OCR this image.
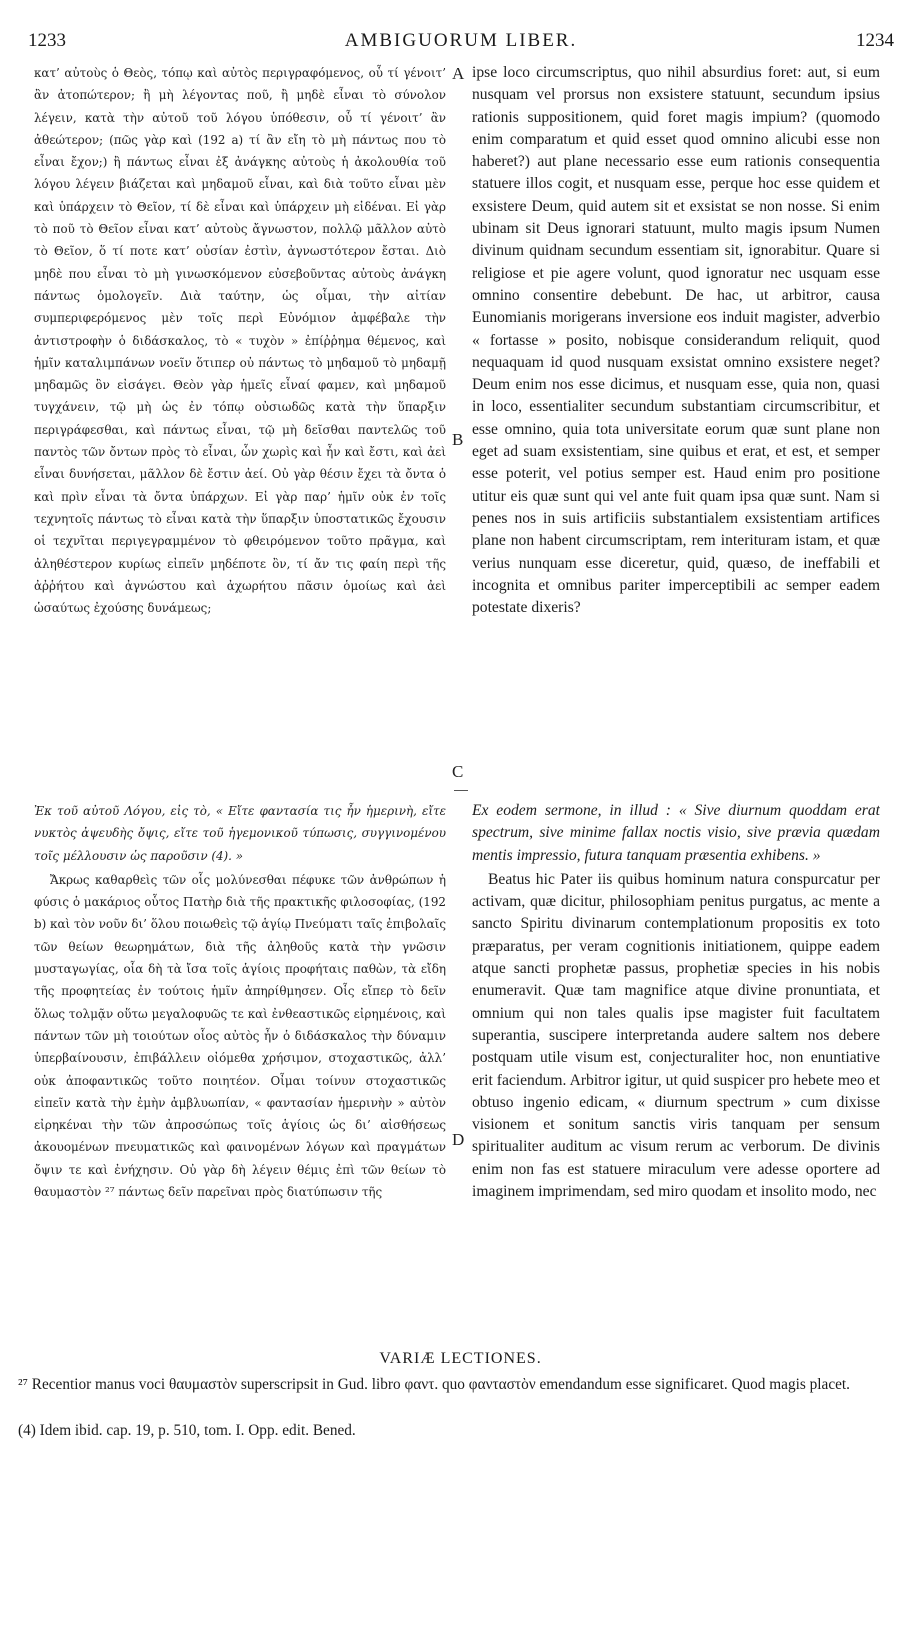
1233	AMBIGUORUM LIBER.	1234

κατ’ αὐτοὺς ὁ Θεὸς, τόπῳ καὶ αὐτὸς περιγραφόμενος, οὗ τί γένοιτ’ ἂν ἀτοπώτερον; ἢ μὴ λέγοντας ποῦ, ἢ μηδὲ εἶναι τὸ σύνολον λέγειν, κατὰ τὴν αὐτοῦ τοῦ λόγου ὑπόθεσιν, οὗ τί γένοιτ’ ἂν ἀθεώτερον; (πῶς γὰρ καὶ (192 a) τί ἂν εἴη τὸ μὴ πάντως που τὸ εἶναι ἔχον;) ἢ πάντως εἶναι ἐξ ἀνάγκης αὐτοὺς ἡ ἀκολουθία τοῦ λόγου λέγειν βιάζεται καὶ μηδαμοῦ εἶναι, καὶ διὰ τοῦτο εἶναι μὲν καὶ ὑπάρχειν τὸ Θεῖον, τί δὲ εἶναι καὶ ὑπάρχειν μὴ εἰδέναι. Εἰ γὰρ τὸ ποῦ τὸ Θεῖον εἶναι κατ’ αὐτοὺς ἄγνωστον, πολλῷ μᾶλλον αὐτὸ τὸ Θεῖον, ὅ τί ποτε κατ’ οὐσίαν ἐστὶν, ἀγνωστότερον ἔσται. Διὸ μηδὲ που εἶναι τὸ μὴ γινωσκόμενον εὐσεβοῦντας αὐτοὺς ἀνάγκη πάντως ὁμολογεῖν. Διὰ ταύτην, ὡς οἶμαι, τὴν αἰτίαν συμπεριφερόμενος μὲν τοῖς περὶ Εὐνόμιον ἀμφέβαλε τὴν ἀντιστροφὴν ὁ διδάσκαλος, τὸ « τυχὸν » ἐπίῤῥημα θέμενος, καὶ ἡμῖν καταλιμπάνων νοεῖν ὅτιπερ οὐ πάντως τὸ μηδαμοῦ τὸ μηδαμῇ μηδαμῶς ὂν εἰσάγει. Θεὸν γὰρ ἡμεῖς εἶναί φαμεν, καὶ μηδαμοῦ τυγχάνειν, τῷ μὴ ὡς ἐν τόπῳ οὐσιωδῶς κατὰ τὴν ὕπαρξιν περιγράφεσθαι, καὶ πάντως εἶναι, τῷ μὴ δεῖσθαι παντελῶς τοῦ παντὸς τῶν ὄντων πρὸς τὸ εἶναι, ὧν χωρὶς καὶ ἦν καὶ ἔστι, καὶ ἀεὶ εἶναι δυνήσεται, μᾶλλον δὲ ἔστιν ἀεί. Οὐ γὰρ θέσιν ἔχει τὰ ὄντα ὁ καὶ πρὶν εἶναι τὰ ὄντα ὑπάρχων. Εἰ γὰρ παρ’ ἡμῖν οὐκ ἐν τοῖς τεχνητοῖς πάντως τὸ εἶναι κατὰ τὴν ὕπαρξιν ὑποστατικῶς ἔχουσιν οἱ τεχνῖται περιγεγραμμένον τὸ φθειρόμενον τοῦτο πρᾶγμα, καὶ ἀληθέστερον κυρίως εἰπεῖν μηδέποτε ὂν, τί ἄν τις φαίη περὶ τῆς ἀῤῥήτου καὶ ἀγνώστου καὶ ἀχωρήτου πᾶσιν ὁμοίως καὶ ἀεὶ ὡσαύτως ἐχούσης δυνάμεως;

ipse loco circumscriptus, quo nihil absurdius foret: aut, si eum nusquam vel prorsus non exsistere statuunt, secundum ipsius rationis suppositionem, quid foret magis impium? (quomodo enim comparatum et quid esset quod omnino alicubi esse non haberet?) aut plane necessario esse eum rationis consequentia statuere illos cogit, et nusquam esse, perque hoc esse quidem et exsistere Deum, quid autem sit et exsistat se non nosse. Si enim ubinam sit Deus ignorari statuunt, multo magis ipsum Numen divinum quidnam secundum essentiam sit, ignorabitur. Quare si religiose et pie agere volunt, quod ignoratur nec usquam esse omnino consentire debebunt. De hac, ut arbitror, causa Eunomianis morigerans inversione eos induit magister, adverbio « fortasse » posito, nobisque considerandum reliquit, quod nequaquam id quod nusquam exsistat omnino exsistere neget? Deum enim nos esse dicimus, et nusquam esse, quia non, quasi in loco, essentialiter secundum substantiam circumscribitur, et esse omnino, quia tota universitate eorum quæ sunt plane non eget ad suam exsistentiam, sine quibus et erat, et est, et semper esse poterit, vel potius semper est. Haud enim pro positione utitur eis quæ sunt qui vel ante fuit quam ipsa quæ sunt. Nam si penes nos in suis artificiis substantialem exsistentiam artifices plane non habent circumscriptam, rem interituram istam, et quæ verius nunquam esse diceretur, quid, quæso, de ineffabili et incognita et omnibus pariter imperceptibili ac semper eadem potestate dixeris?

A
B
C
D

Ἐκ τοῦ αὐτοῦ Λόγου, εἰς τὸ, « Εἴτε φαντασία τις ἦν ἡμερινὴ, εἴτε νυκτὸς ἀψευδὴς ὄψις, εἴτε τοῦ ἡγεμονικοῦ τύπωσις, συγγινομένου τοῖς μέλλουσιν ὡς παροῦσιν (4). »

Ἄκρως καθαρθεὶς τῶν οἷς μολύνεσθαι πέφυκε τῶν ἀνθρώπων ἡ φύσις ὁ μακάριος οὗτος Πατὴρ διὰ τῆς πρακτικῆς φιλοσοφίας, (192 b) καὶ τὸν νοῦν δι’ ὅλου ποιωθεὶς τῷ ἁγίῳ Πνεύματι ταῖς ἐπιβολαῖς τῶν θείων θεωρημάτων, διὰ τῆς ἀληθοῦς κατὰ τὴν γνῶσιν μυσταγωγίας, οἷα δὴ τὰ ἴσα τοῖς ἁγίοις προφήταις παθὼν, τὰ εἴδη τῆς προφητείας ἐν τούτοις ἡμῖν ἀπηρίθμησεν. Οἷς εἴπερ τὸ δεῖν ὅλως τολμᾷν οὕτω μεγαλοφυῶς τε καὶ ἐνθεαστικῶς εἰρημένοις, καὶ πάντων τῶν μὴ τοιούτων οἷος αὐτὸς ἦν ὁ διδάσκαλος τὴν δύναμιν ὑπερβαίνουσιν, ἐπιβάλλειν οἰόμεθα χρήσιμον, στοχαστικῶς, ἀλλ’ οὐκ ἀποφαντικῶς τοῦτο ποιητέον. Οἶμαι τοίνυν στοχαστικῶς εἰπεῖν κατὰ τὴν ἐμὴν ἀμβλυωπίαν, « φαντασίαν ἡμερινὴν » αὐτὸν εἰρηκέναι τὴν τῶν ἀπροσώπως τοῖς ἁγίοις ὡς δι’ αἰσθήσεως ἀκουομένων πνευματικῶς καὶ φαινομένων λόγων καὶ πραγμάτων ὄψιν τε καὶ ἐνήχησιν. Οὐ γὰρ δὴ λέγειν θέμις ἐπὶ τῶν θείων τὸ θαυμαστὸν ²⁷ πάντως δεῖν παρεῖναι πρὸς διατύπωσιν τῆς

Ex eodem sermone, in illud : « Sive diurnum quoddam erat spectrum, sive minime fallax noctis visio, sive prævia quædam mentis impressio, futura tanquam præsentia exhibens. »

Beatus hic Pater iis quibus hominum natura conspurcatur per activam, quæ dicitur, philosophiam penitus purgatus, ac mente a sancto Spiritu divinarum contemplationum propositis ex toto præparatus, per veram cognitionis initiationem, quippe eadem atque sancti prophetæ passus, prophetiæ species in his nobis enumeravit. Quæ tam magnifice atque divine pronuntiata, et omnium qui non tales qualis ipse magister fuit facultatem superantia, suscipere interpretanda audere saltem nos debere postquam utile visum est, conjecturaliter hoc, non enuntiative erit faciendum. Arbitror igitur, ut quid suspicer pro hebete meo et obtuso ingenio edicam, « diurnum spectrum » cum dixisse visionem et sonitum sanctis viris tanquam per sensum spiritualiter auditum ac visum rerum ac verborum. De divinis enim non fas est statuere miraculum vere adesse oportere ad imaginem imprimendam, sed miro quodam et insolito modo, nec

VARIÆ LECTIONES.
²⁷ Recentior manus voci θαυμαστὸν superscripsit in Gud. libro φαντ. quo φανταστὸν emendandum esse significaret. Quod magis placet.
(4) Idem ibid. cap. 19, p. 510, tom. I. Opp. edit. Bened.
